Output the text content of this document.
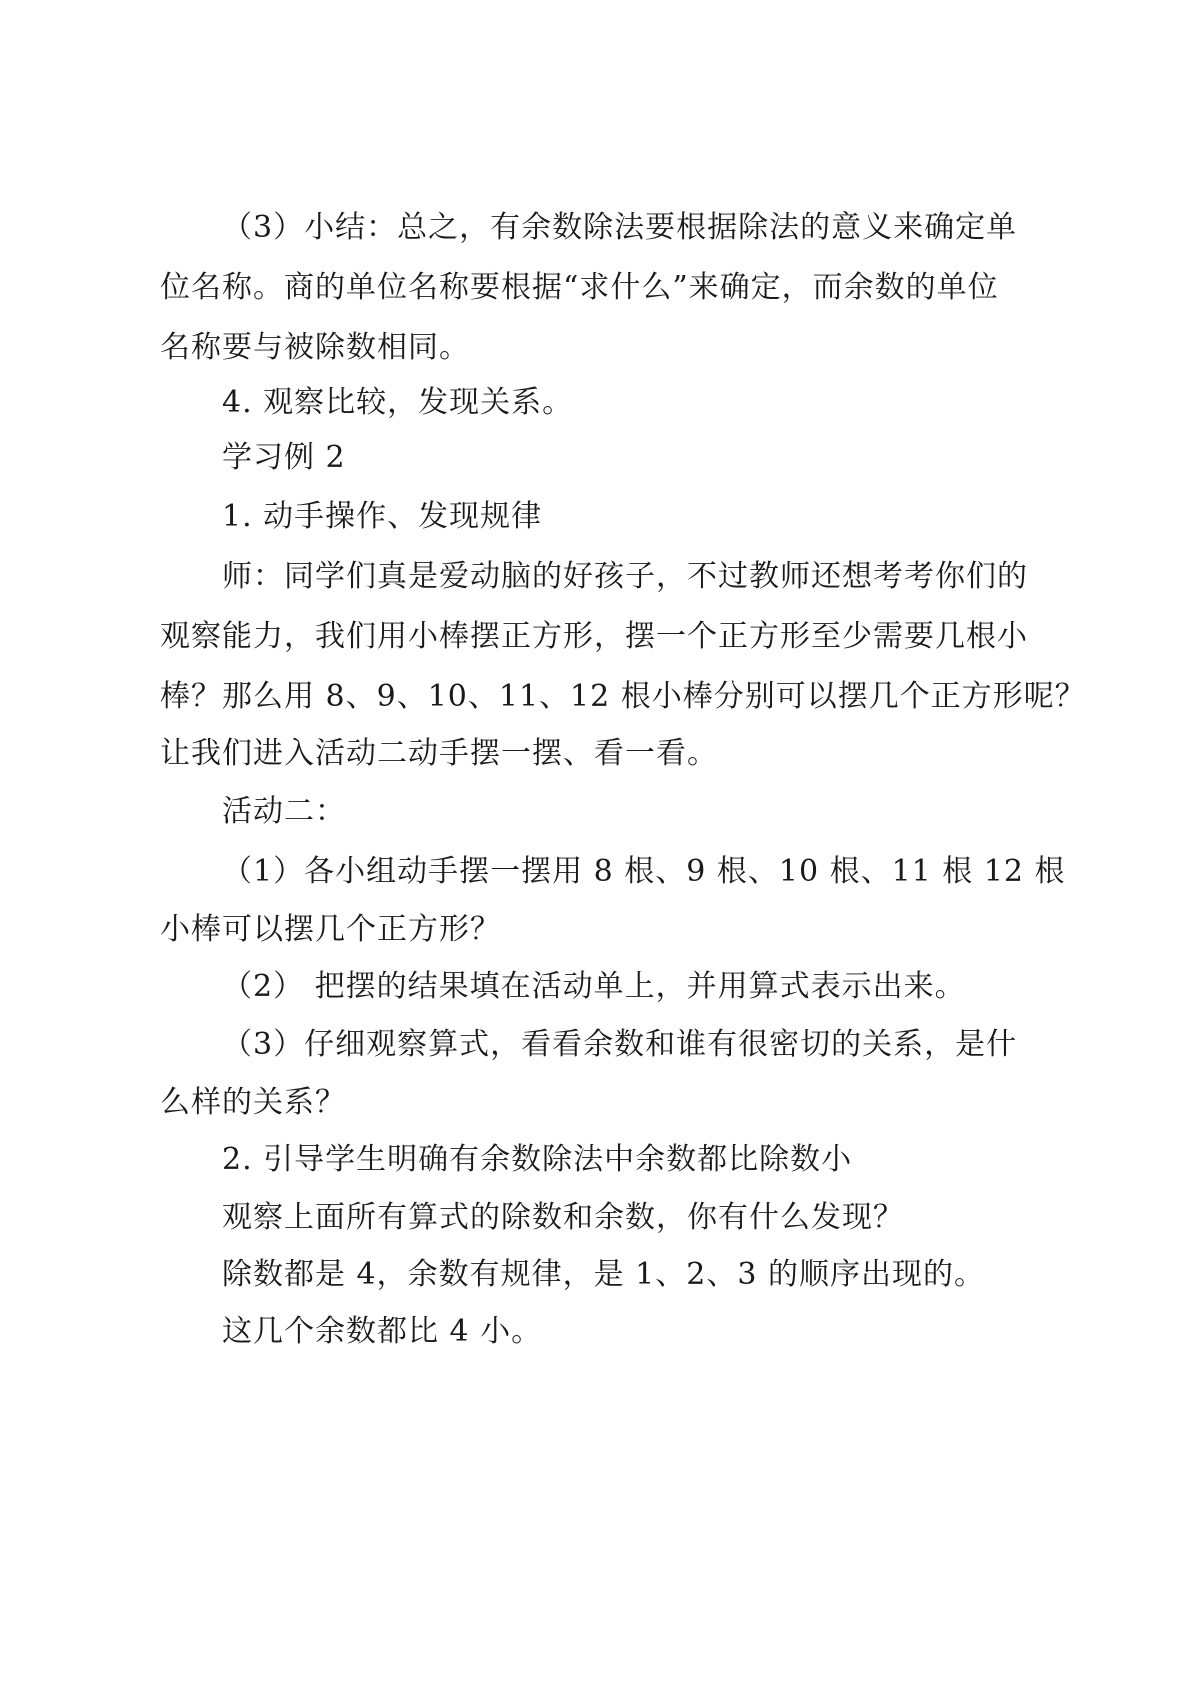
（3）小结：总之，有余数除法要根据除法的意义来确定单
位名称。商的单位名称要根据“求什么”来确定，而余数的单位
名称要与被除数相同。
4. 观察比较，发现关系。
学习例 2
1. 动手操作、发现规律
师：同学们真是爱动脑的好孩子，不过教师还想考考你们的
观察能力，我们用小棒摆正方形，摆一个正方形至少需要几根小
棒？那么用 8、9、10、11、12 根小棒分别可以摆几个正方形呢？
让我们进入活动二动手摆一摆、看一看。
活动二：
（1）各小组动手摆一摆用 8 根、9 根、10 根、11 根 12 根
小棒可以摆几个正方形？
（2） 把摆的结果填在活动单上，并用算式表示出来。
（3）仔细观察算式，看看余数和谁有很密切的关系，是什
么样的关系？
2. 引导学生明确有余数除法中余数都比除数小
观察上面所有算式的除数和余数，你有什么发现？
除数都是 4，余数有规律，是 1、2、3 的顺序出现的。
这几个余数都比 4 小。
